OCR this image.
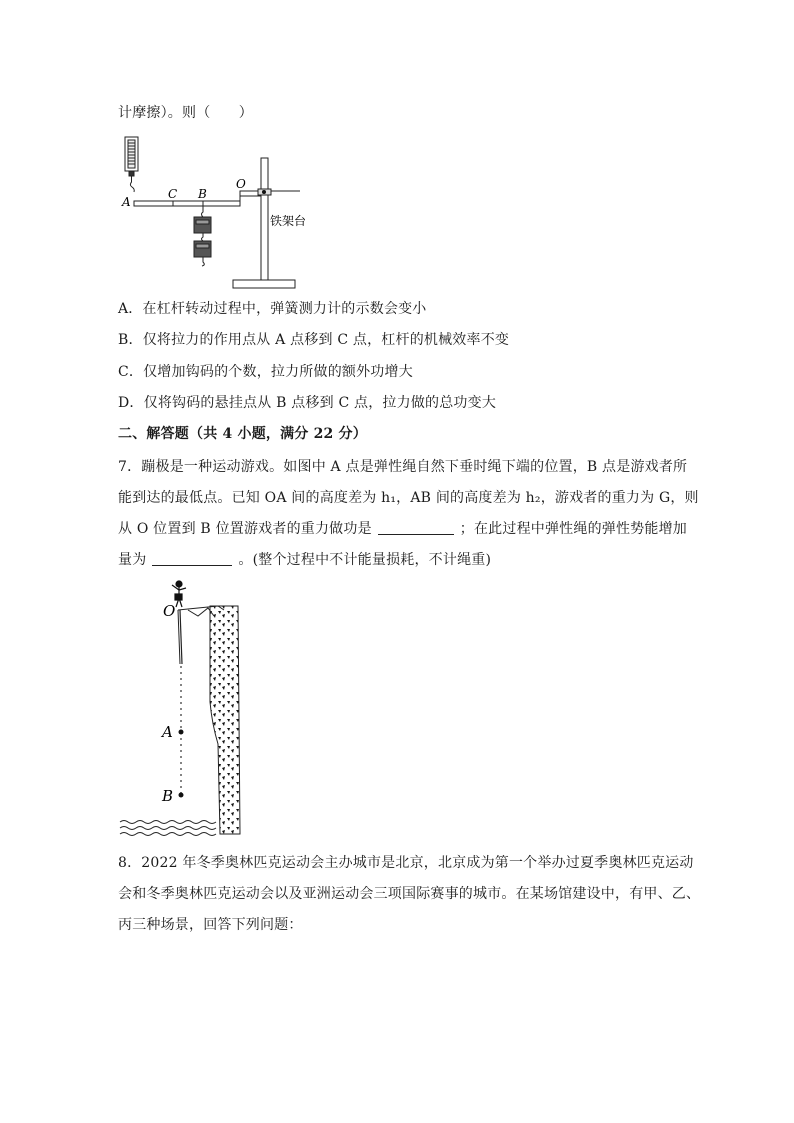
计摩擦）。则（　　）
A
C B
O
铁架台
A．在杠杆转动过程中，弹簧测力计的示数会变小
B．仅将拉力的作用点从 A 点移到 C 点，杠杆的机械效率不变
C．仅增加钩码的个数，拉力所做的额外功增大
D．仅将钩码的悬挂点从 B 点移到 C 点，拉力做的总功变大
二、解答题（共 4 小题，满分 22 分）
7．蹦极是一种运动游戏。如图中 A 点是弹性绳自然下垂时绳下端的位置，B 点是游戏者所
能到达的最低点。已知 OA 间的高度差为 h₁，AB 间的高度差为 h₂，游戏者的重力为 G，则
从 O 位置到 B 位置游戏者的重力做功是	；在此过程中弹性绳的弹性势能增加
量为	。(整个过程中不计能量损耗，不计绳重)
O
A
B
8．2022 年冬季奥林匹克运动会主办城市是北京，北京成为第一个举办过夏季奥林匹克运动
会和冬季奥林匹克运动会以及亚洲运动会三项国际赛事的城市。在某场馆建设中，有甲、乙、
丙三种场景，回答下列问题：
